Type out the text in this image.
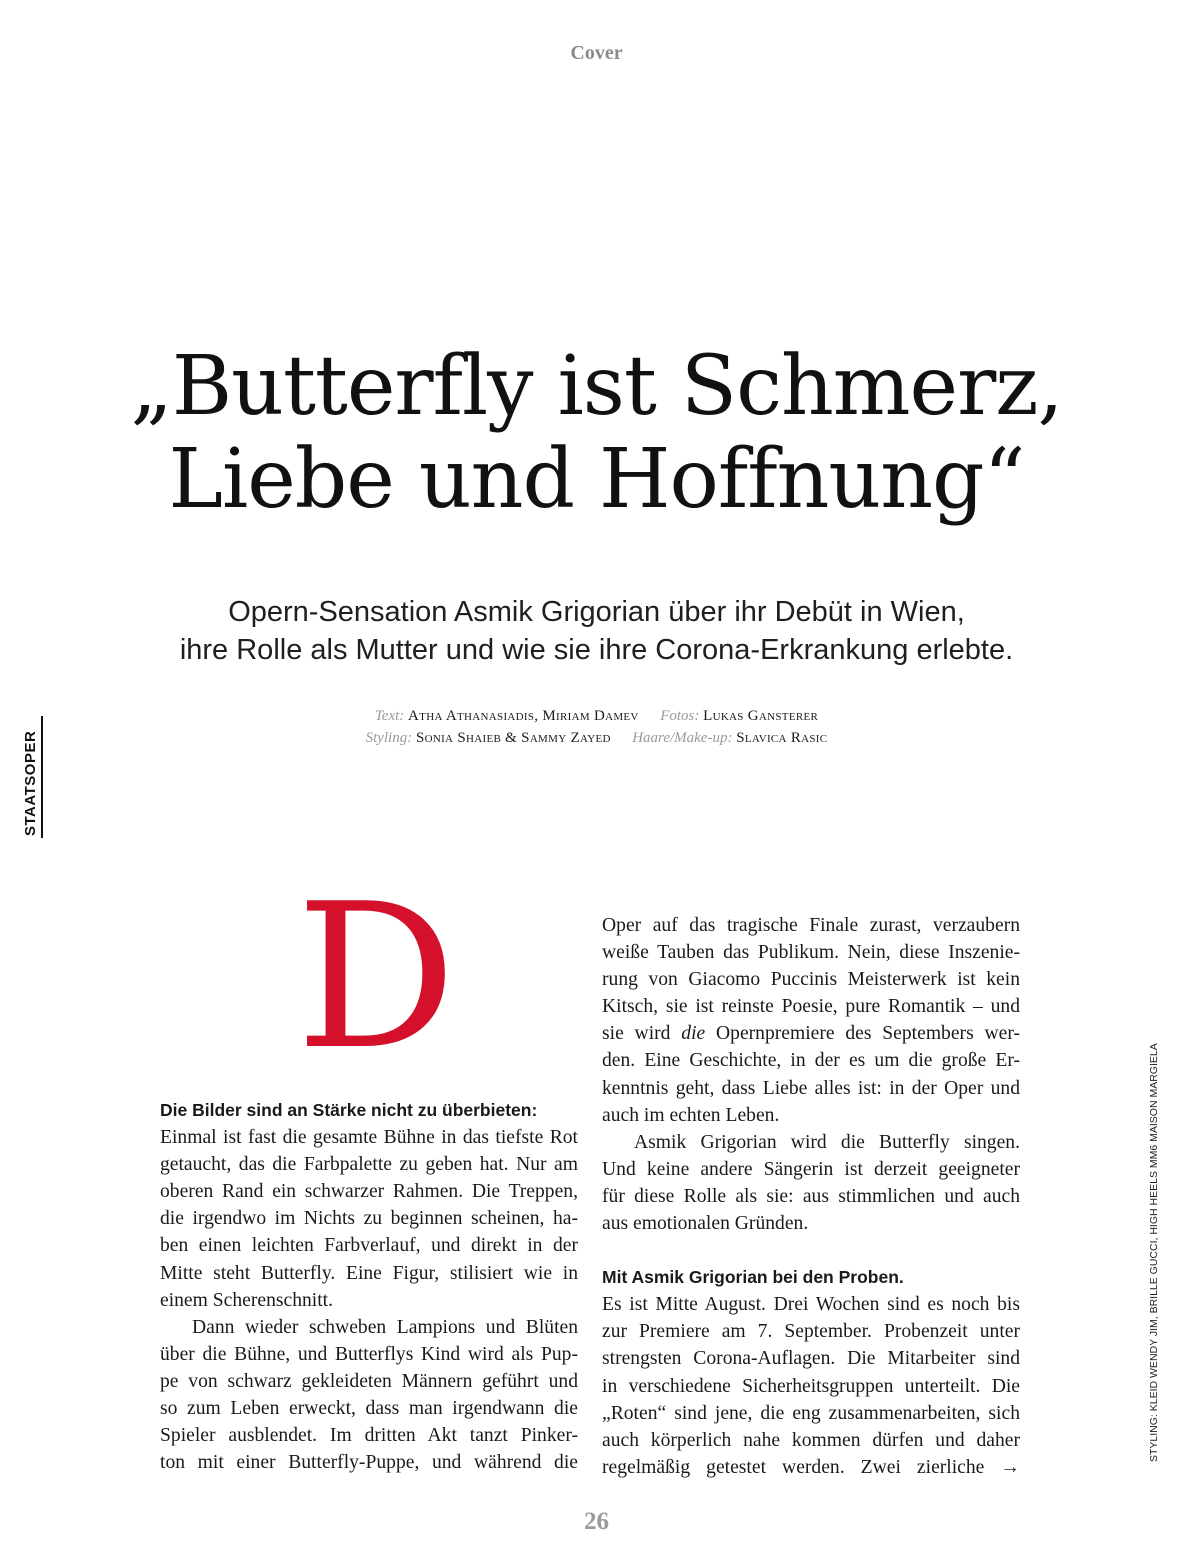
Cover
„Butterfly ist Schmerz,
Liebe und Hoffnung“
Opern-Sensation Asmik Grigorian über ihr Debüt in Wien,
ihre Rolle als Mutter und wie sie ihre Corona-Erkrankung erlebte.
Text: Atha Athanasiadis, Miriam Damev Fotos: Lukas Gansterer
Styling: Sonia Shaieb & Sammy Zayed Haare/Make-up: Slavica Rasic
STAATSOPER
D
Die Bilder sind an Stärke nicht zu überbieten:
Einmal ist fast die gesamte Bühne in das tiefste Rot
getaucht, das die Farbpalette zu geben hat. Nur am
oberen Rand ein schwarzer Rahmen. Die Treppen,
die irgendwo im Nichts zu beginnen scheinen, ha-
ben einen leichten Farbverlauf, und direkt in der
Mitte steht Butterfly. Eine Figur, stilisiert wie in
einem Scherenschnitt.
Dann wieder schweben Lampions und Blüten
über die Bühne, und Butterflys Kind wird als Pup-
pe von schwarz gekleideten Männern geführt und
so zum Leben erweckt, dass man irgendwann die
Spieler ausblendet. Im dritten Akt tanzt Pinker-
ton mit einer Butterfly-Puppe, und während die
Oper auf das tragische Finale zurast, verzaubern
weiße Tauben das Publikum. Nein, diese Inszenie-
rung von Giacomo Puccinis Meisterwerk ist kein
Kitsch, sie ist reinste Poesie, pure Romantik – und
sie wird die Opernpremiere des Septembers wer-
den. Eine Geschichte, in der es um die große Er-
kenntnis geht, dass Liebe alles ist: in der Oper und
auch im echten Leben.
Asmik Grigorian wird die Butterfly singen.
Und keine andere Sängerin ist derzeit geeigneter
für diese Rolle als sie: aus stimmlichen und auch
aus emotionalen Gründen.
Mit Asmik Grigorian bei den Proben.
Es ist Mitte August. Drei Wochen sind es noch bis
zur Premiere am 7. September. Probenzeit unter
strengsten Corona-Auflagen. Die Mitarbeiter sind
in verschiedene Sicherheitsgruppen unterteilt. Die
„Roten“ sind jene, die eng zusammenarbeiten, sich
auch körperlich nahe kommen dürfen und daher
regelmäßig getestet werden. Zwei zierliche →
STYLING: KLEID WENDY JIM, BRILLE GUCCI, HIGH HEELS MM6 MAISON MARGIELA
26
